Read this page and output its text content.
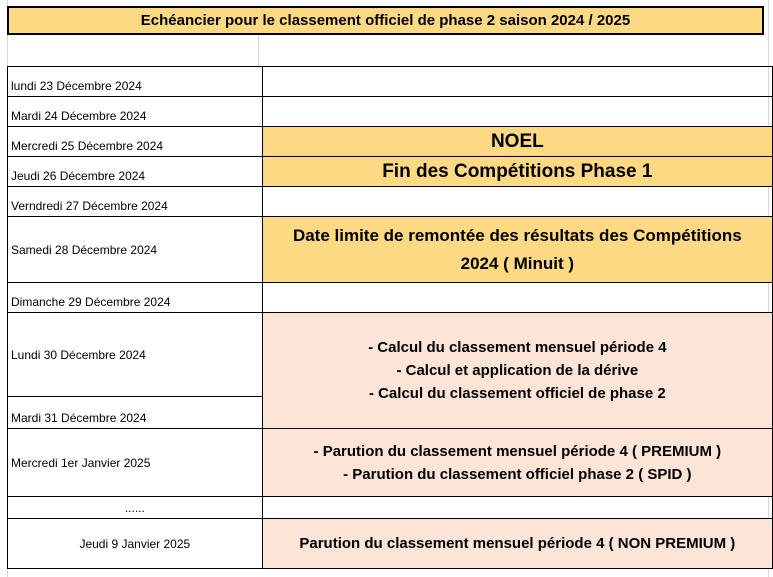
Echéancier pour le classement officiel de phase 2 saison 2024 / 2025
lundi 23 Décembre 2024	
Mardi 24 Décembre 2024	
Mercredi 25 Décembre 2024	NOEL
Jeudi 26 Décembre 2024	Fin des Compétitions Phase 1
Verndredi 27 Décembre 2024	
Samedi 28 Décembre 2024	Date limite de remontée des résultats des Compétitions
2024 ( Minuit )

Dimanche 29 Décembre 2024	
Lundi 30 Décembre 2024	- Calcul du classement mensuel période 4
- Calcul et application de la dérive
- Calcul du classement officiel de phase 2

Mardi 31 Décembre 2024	
Mercredi 1er Janvier 2025	- Parution du classement mensuel période 4 ( PREMIUM )
- Parution du classement officiel phase 2 ( SPID )

......	
Jeudi 9 Janvier 2025	Parution du classement mensuel période 4 ( NON PREMIUM )
